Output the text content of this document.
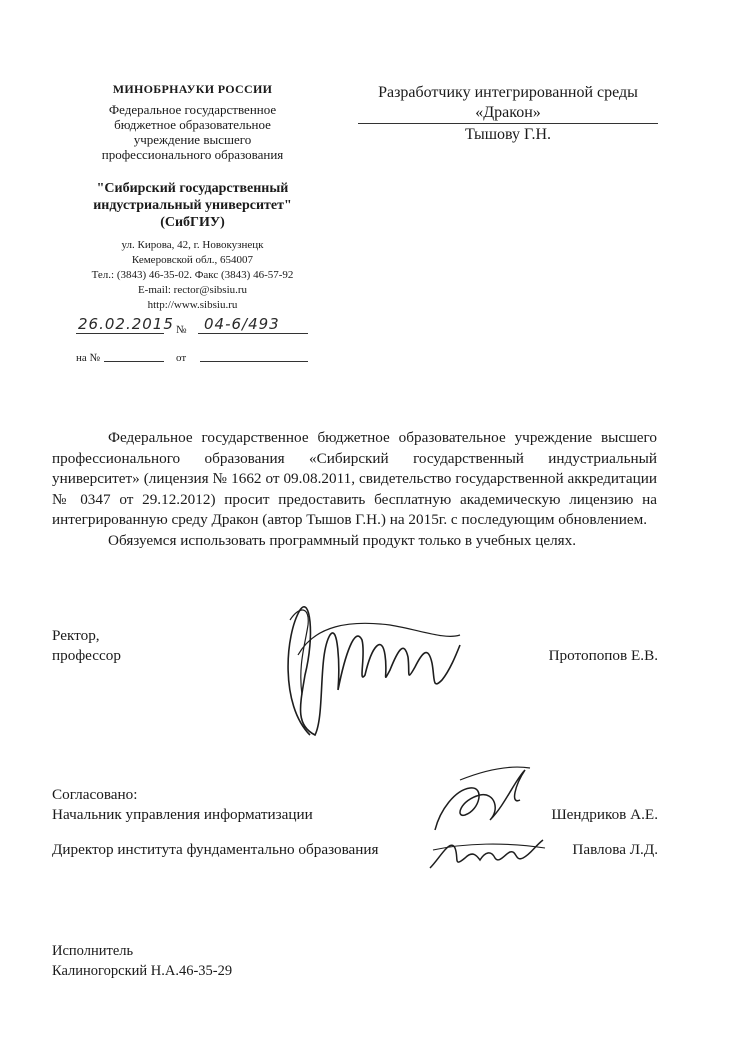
МИНОБРНАУКИ РОССИИ
Федеральное государственное
бюджетное образовательное
учреждение высшего
профессионального образования
"Сибирский государственный
индустриальный университет"
(СибГИУ)
ул. Кирова, 42, г. Новокузнецк
Кемеровской обл., 654007
Тел.: (3843) 46-35-02. Факс (3843) 46-57-92
E-mail: rector@sibsiu.ru
http://www.sibsiu.ru
26.02.2015 № 04-6/493
на №	от
Разработчику интегрированной среды
«Дракон»
Тышову Г.Н.

Федеральное государственное бюджетное образовательное учреждение высшего профессионального образования «Сибирский государственный индустриальный университет» (лицензия № 1662 от 09.08.2011, свидетельство государственной аккредитации № 0347 от 29.12.2012) просит предоставить бесплатную академическую лицензию на интегрированную среду Дракон (автор Тышов Г.Н.) на 2015г. с последующим обновлением.

Обязуемся использовать программный продукт только в учебных целях.

Ректор,
профессор	Протопопов Е.В.
Согласовано:
Начальник управления информатизации	Шендриков А.Е.
Директор института фундаментально образования	Павлова Л.Д.
Исполнитель
Калиногорский Н.А.46-35-29
